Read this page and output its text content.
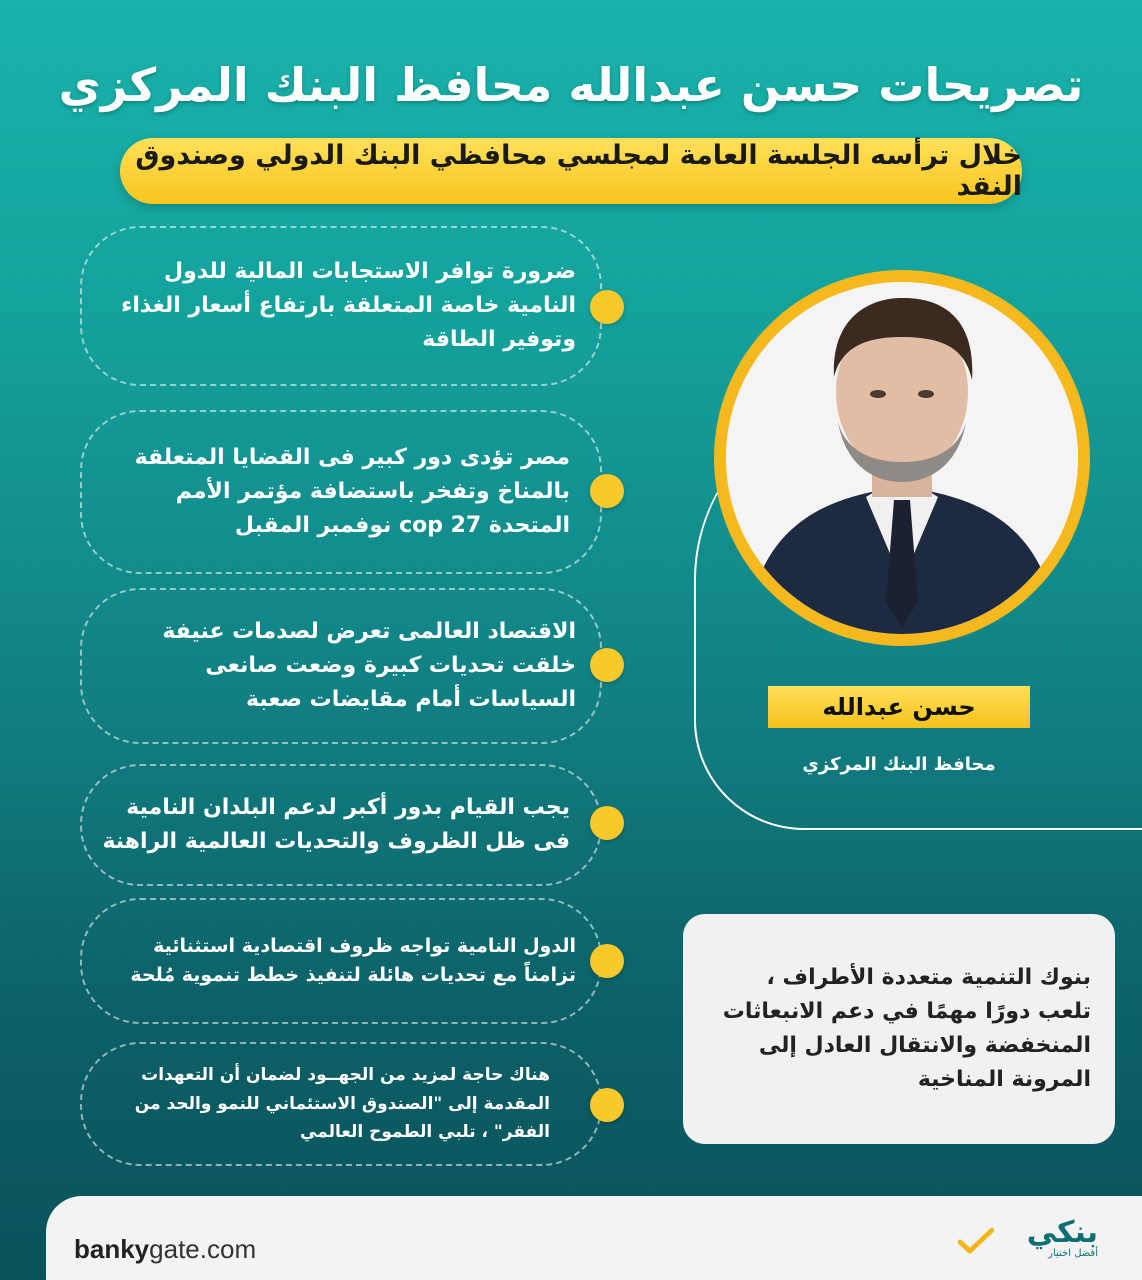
تصريحات حسن عبدالله محافظ البنك المركزي
خلال ترأسه الجلسة العامة لمجلسي محافظي البنك الدولي وصندوق النقد
ضرورة توافر الاستجابات المالية للدول النامية خاصة المتعلقة بارتفاع أسعار الغذاء وتوفير الطاقة
مصر تؤدى دور كبير فى القضايا المتعلقة بالمناخ وتفخر باستضافة مؤتمر الأمم المتحدة cop 27 نوفمبر المقبل
الاقتصاد العالمى تعرض لصدمات عنيفة خلقت تحديات كبيرة وضعت صانعى السياسات أمام مقايضات صعبة
يجب القيام بدور أكبر لدعم البلدان النامية فى ظل الظروف والتحديات العالمية الراهنة
الدول النامية تواجه ظروف اقتصادية استثنائية تزامناً مع تحديات هائلة لتنفيذ خطط تنموية مُلحة
هناك حاجة لمزيد من الجهــود لضمان أن التعهدات المقدمة إلى "الصندوق الاستئماني للنمو والحد من الفقر" ، تلبي الطموح العالمي
حسن عبدالله
محافظ البنك المركزي
بنوك التنمية متعددة الأطراف ، تلعب دورًا مهمًا في دعم الانبعاثات المنخفضة والانتقال العادل إلى المرونة المناخية
bankygate.com	بنكي
أفضل اختيار
